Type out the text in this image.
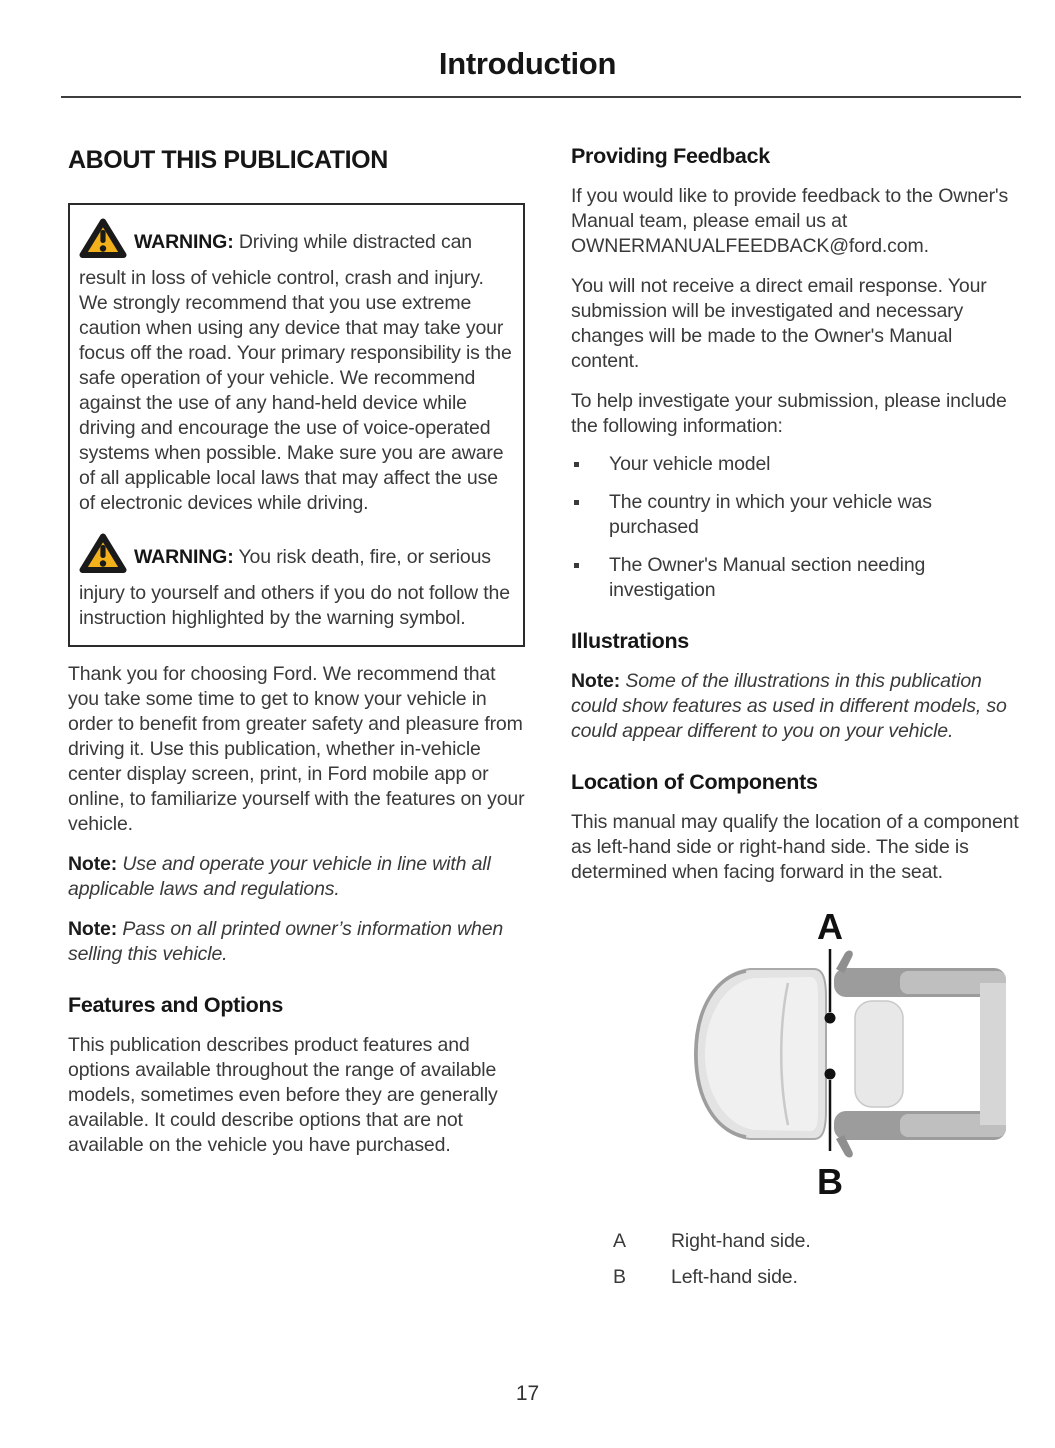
Introduction
ABOUT THIS PUBLICATION

WARNING: Driving while distracted can result in loss of vehicle control, crash and injury. We strongly recommend that you use extreme caution when using any device that may take your focus off the road. Your primary responsibility is the safe operation of your vehicle. We recommend against the use of any hand-held device while driving and encourage the use of voice-operated systems when possible. Make sure you are aware of all applicable local laws that may affect the use of electronic devices while driving.

WARNING: You risk death, fire, or serious injury to yourself and others if you do not follow the instruction highlighted by the warning symbol.

Thank you for choosing Ford. We recommend that you take some time to get to know your vehicle in order to benefit from greater safety and pleasure from driving it. Use this publication, whether in-vehicle center display screen, print, in Ford mobile app or online, to familiarize yourself with the features on your vehicle.

Note: Use and operate your vehicle in line with all applicable laws and regulations.

Note: Pass on all printed owner’s information when selling this vehicle.

Features and Options

This publication describes product features and options available throughout the range of available models, sometimes even before they are generally available. It could describe options that are not available on the vehicle you have purchased.

Providing Feedback

If you would like to provide feedback to the Owner's Manual team, please email us at OWNERMANUALFEEDBACK@ford.com.

You will not receive a direct email response. Your submission will be investigated and necessary changes will be made to the Owner's Manual content.

To help investigate your submission, please include the following information:

Your vehicle model
The country in which your vehicle was purchased
The Owner's Manual section needing investigation
Illustrations

Note: Some of the illustrations in this publication could show features as used in different models, so could appear different to you on your vehicle.

Location of Components

This manual may qualify the location of a component as left-hand side or right-hand side. The side is determined when facing forward in the seat.

A
B
A	Right-hand side.
B	Left-hand side.
17
